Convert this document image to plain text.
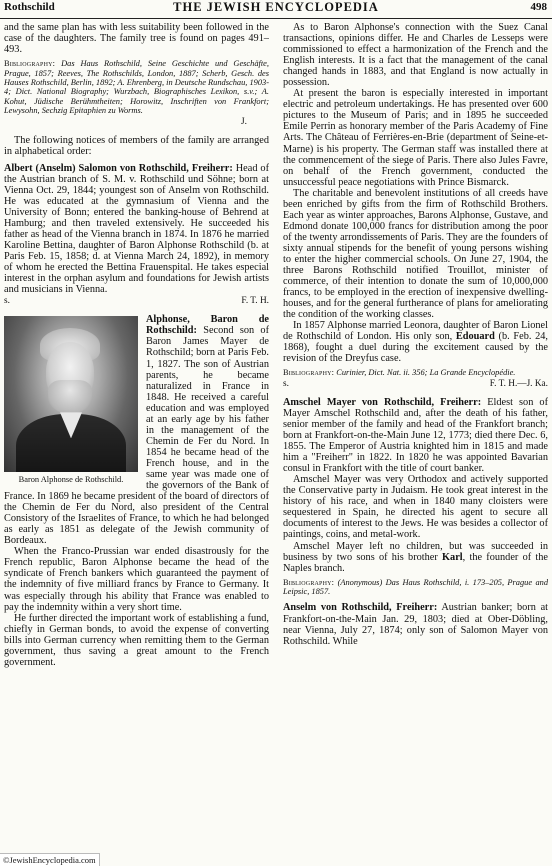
Rothschild	THE JEWISH ENCYCLOPEDIA	498

and the same plan has with less suitability been followed in the case of the daughters. The family tree is found on pages 491–493.

Bibliography: Das Haus Rothschild, Seine Geschichte und Geschäfte, Prague, 1857; Reeves, The Rothschilds, London, 1887; Scherb, Gesch. des Hauses Rothschild, Berlin, 1892; A. Ehrenberg, in Deutsche Rundschau, 1903-4; Dict. National Biography; Wurzbach, Biographisches Lexikon, s.v.; A. Kohut, Jüdische Berühmtheiten; Horowitz, Inschriften von Frankfort; Lewysohn, Sechzig Epitaphien zu Worms.

J.

The following notices of members of the family are arranged in alphabetical order:

Albert (Anselm) Salomon von Rothschild, Freiherr: Head of the Austrian branch of S. M. v. Rothschild und Söhne; born at Vienna Oct. 29, 1844; youngest son of Anselm von Rothschild. He was educated at the gymnasium of Vienna and the University of Bonn; entered the banking-house of Behrend at Hamburg; and then traveled extensively. He succeeded his father as head of the Vienna branch in 1874. In 1876 he married Karoline Bettina, daughter of Baron Alphonse Rothschild (b. at Paris Feb. 15, 1858; d. at Vienna March 24, 1892), in memory of whom he erected the Bettina Frauenspital. He takes especial interest in the orphan asylum and foundations for Jewish artists and musicians in Vienna.

s.	F. T. H.

Baron Alphonse de Rothschild.
Alphonse, Baron de Rothschild: Second son of Baron James Mayer de Rothschild; born at Paris Feb. 1, 1827. The son of Austrian parents, he became naturalized in France in 1848. He received a careful education and was employed at an early age by his father in the management of the Chemin de Fer du Nord. In 1854 he became head of the French house, and in the same year was made one of the governors of the Bank of France. In 1869 he became president of the board of directors of the Chemin de Fer du Nord, also president of the Central Consistory of the Israelites of France, to which he had belonged as early as 1851 as delegate of the Jewish community of Bordeaux.

When the Franco-Prussian war ended disastrously for the French republic, Baron Alphonse became the head of the syndicate of French bankers which guaranteed the payment of the indemnity of five milliard francs by France to Germany. It was especially through his ability that France was enabled to pay the indemnity within a very short time.

He further directed the important work of establishing a fund, chiefly in German bonds, to avoid the expense of converting bills into German currency when remitting them to the German government, thus saving a great amount to the French government.

As to Baron Alphonse's connection with the Suez Canal transactions, opinions differ. He and Charles de Lesseps were commissioned to effect a harmonization of the French and the English interests. It is a fact that the management of the canal changed hands in 1883, and that England is now actually in possession.

At present the baron is especially interested in important electric and petroleum undertakings. He has presented over 600 pictures to the Museum of Paris; and in 1895 he succeeded Emile Perrin as honorary member of the Paris Academy of Fine Arts. The Château of Ferrières-en-Brie (department of Seine-et-Marne) is his property. The German staff was installed there at the commencement of the siege of Paris. There also Jules Favre, on behalf of the French government, conducted the unsuccessful peace negotiations with Prince Bismarck.

The charitable and benevolent institutions of all creeds have been enriched by gifts from the firm of Rothschild Brothers. Each year as winter approaches, Barons Alphonse, Gustave, and Edmond donate 100,000 francs for distribution among the poor of the twenty arrondissements of Paris. They are the founders of sixty annual stipends for the benefit of young persons wishing to enter the higher commercial schools. On June 27, 1904, the three Barons Rothschild notified Trouillot, minister of commerce, of their intention to donate the sum of 10,000,000 francs, to be employed in the erection of inexpensive dwelling-houses, and for the general furtherance of plans for ameliorating the condition of the working classes.

In 1857 Alphonse married Leonora, daughter of Baron Lionel de Rothschild of London. His only son, Edouard (b. Feb. 24, 1868), fought a duel during the excitement caused by the revision of the Dreyfus case.

Bibliography: Curinier, Dict. Nat. ii. 356; La Grande Encyclopédie.

s.	F. T. H.—J. Ka.

Amschel Mayer von Rothschild, Freiherr: Eldest son of Mayer Amschel Rothschild and, after the death of his father, senior member of the family and head of the Frankfort branch; born at Frankfort-on-the-Main June 12, 1773; died there Dec. 6, 1855. The Emperor of Austria knighted him in 1815 and made him a "Freiherr" in 1822. In 1820 he was appointed Bavarian consul in Frankfort with the title of court banker.

Amschel Mayer was very Orthodox and actively supported the Conservative party in Judaism. He took great interest in the history of his race, and when in 1840 many cloisters were sequestered in Spain, he directed his agent to secure all documents of interest to the Jews. He was besides a collector of paintings, coins, and metal-work.

Amschel Mayer left no children, but was succeeded in business by two sons of his brother Karl, the founder of the Naples branch.

Bibliography: (Anonymous) Das Haus Rothschild, i. 173–205, Prague and Leipsic, 1857.

Anselm von Rothschild, Freiherr: Austrian banker; born at Frankfort-on-the-Main Jan. 29, 1803; died at Ober-Döbling, near Vienna, July 27, 1874; only son of Salomon Mayer von Rothschild. While

©JewishEncyclopedia.com
